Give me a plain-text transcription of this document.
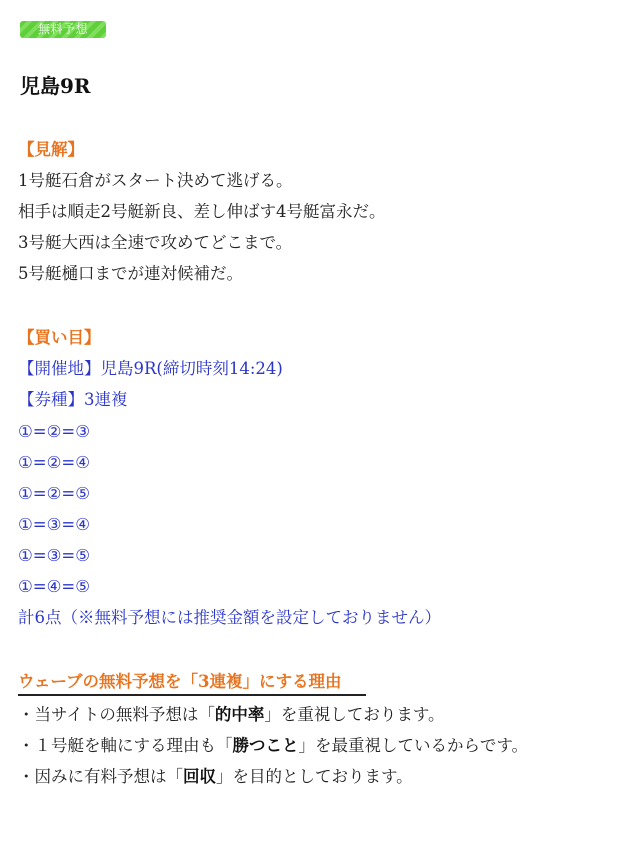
無料予想
児島9R
【見解】
1号艇石倉がスタート決めて逃げる。
相手は順走2号艇新良、差し伸ばす4号艇富永だ。
3号艇大西は全速で攻めてどこまで。
5号艇樋口までが連対候補だ。
【買い目】
【開催地】児島9R(締切時刻14:24)
【券種】3連複
①=②=③
①=②=④
①=②=⑤
①=③=④
①=③=⑤
①=④=⑤
計6点（※無料予想には推奨金額を設定しておりません）
ウェーブの無料予想を「3連複」にする理由
・当サイトの無料予想は「的中率」を重視しております。
・１号艇を軸にする理由も「勝つこと」を最重視しているからです。
・因みに有料予想は「回収」を目的としております。
